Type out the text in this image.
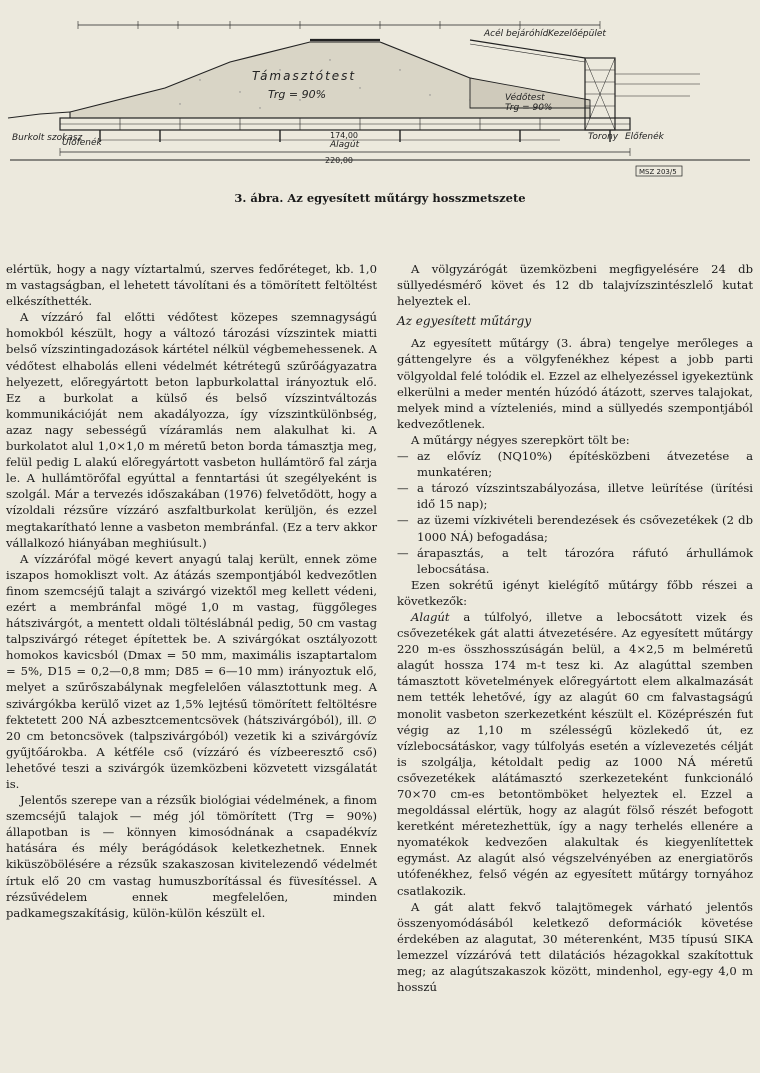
Támasztótest
Trg = 90%	Védőtest
Trg = 90%
Burkolt szokasz
Ulófenék	Alagút
Torony Előfenék
Acél bejáróhíd Kezelőépület
220,00
174,00
MSZ 203/5
3. ábra. Az egyesített műtárgy hosszmetszete

elértük, hogy a nagy víztartalmú, szerves fedőréteget, kb. 1,0 m vastagságban, el lehetett távolítani és a tömörített feltöltést elkészíthették.

A vízzáró fal előtti védőtest közepes szemnagyságú homokból készült, hogy a változó tározási vízszintek miatti belső vízszintingadozások kártétel nélkül végbemehessenek. A védőtest elhabolás elleni védelmét kétrétegű szűrőágyazatra helyezett, előregyártott beton lapburkolattal irányoztuk elő. Ez a burkolat a külső és belső vízszintváltozás kommunikációját nem akadályozza, így vízszintkülönbség, azaz nagy sebességű vízáramlás nem alakulhat ki. A burkolatot alul 1,0×1,0 m méretű beton borda támasztja meg, felül pedig L alakú előregyártott vasbeton hullámtörő fal zárja le. A hullámtörőfal egyúttal a fenntartási út szegélyeként is szolgál. Már a tervezés időszakában (1976) felvetődött, hogy a vízoldali rézsűre vízzáró aszfaltburkolat kerüljön, és ezzel megtakarítható lenne a vasbeton membránfal. (Ez a terv akkor vállalkozó hiányában meghiúsult.)

A vízzárófal mögé kevert anyagú talaj került, ennek zöme iszapos homokliszt volt. Az átázás szempontjából kedvezőtlen finom szemcséjű talajt a szivárgó vizektől meg kellett védeni, ezért a membránfal mögé 1,0 m vastag, függőleges hátszivárgót, a mentett oldali töltéslábnál pedig, 50 cm vastag talpszivárgó réteget építettek be. A szivárgókat osztályozott homokos kavicsból (Dmax = 50 mm, maximális iszaptartalom = 5%, D15 = 0,2—0,8 mm; D85 = 6—10 mm) irányoztuk elő, melyet a szűrőszabálynak megfelelően választottunk meg. A szivárgókba kerülő vizet az 1,5% lejtésű tömörített feltöltésre fektetett 200 NÁ azbesztcementcsövek (hátszivárgóból), ill. ∅ 20 cm betoncsövek (talpszivárgóból) vezetik ki a szivárgóvíz gyűjtőárokba. A kétféle cső (vízzáró és vízbeeresztő cső) lehetővé teszi a szivárgók üzemközbeni közvetett vizsgálatát is.

Jelentős szerepe van a rézsűk biológiai védelmének, a finom szemcséjű talajok — még jól tömörített (Trg = 90%) állapotban is — könnyen kimosódnának a csapadékvíz hatására és mély berágódások keletkezhetnek. Ennek kiküszöbölésére a rézsűk szakaszosan kivitelezendő védelmét írtuk elő 20 cm vastag humuszborítással és füvesítéssel. A rézsűvédelem ennek megfelelően, minden padkamegszakításig, külön-külön készült el.

A völgyzárógát üzemközbeni megfigyelésére 24 db süllyedésmérő követ és 12 db talajvízszintészlelő kutat helyeztek el.

Az egyesített műtárgy

Az egyesített műtárgy (3. ábra) tengelye merőleges a gáttengelyre és a völgyfenékhez képest a jobb parti völgyoldal felé tolódik el. Ezzel az elhelyezéssel igyekeztünk elkerülni a meder mentén húzódó átázott, szerves talajokat, melyek mind a vízteleniés, mind a süllyedés szempontjából kedvezőtlenek.

A műtárgy négyes szerepkört tölt be:

— az elővíz (NQ10%) építésközbeni átvezetése a munkatéren;
— a tározó vízszintszabályozása, illetve leürítése (ürítési idő 15 nap);
— az üzemi vízkivételi berendezések és csővezetékek (2 db 1000 NÁ) befogadása;
— árapasztás, a telt tározóra ráfutó árhullámok lebocsátása.

Ezen sokrétű igényt kielégítő műtárgy főbb részei a következők:

Alagút a túlfolyó, illetve a lebocsátott vizek és csővezetékek gát alatti átvezetésére. Az egyesített műtárgy 220 m-es összhosszúságán belül, a 4×2,5 m belméretű alagút hossza 174 m-t tesz ki. Az alagúttal szemben támasztott követelmények előregyártott elem alkalmazását nem tették lehetővé, így az alagút 60 cm falvastagságú monolit vasbeton szerkezetként készült el. Középrészén fut végig az 1,10 m szélességű közlekedő út, ez vízlebocsátáskor, vagy túlfolyás esetén a vízlevezetés célját is szolgálja, kétoldalt pedig az 1000 NÁ méretű csővezetékek alátámasztó szerkezeteként funkcionáló 70×70 cm-es betontömböket helyeztek el. Ezzel a megoldással elértük, hogy az alagút fölső részét befogott keretként méretezhettük, így a nagy terhelés ellenére a nyomatékok kedvezően alakultak és kiegyenlítettek egymást. Az alagút alsó végszelvényében az energiatörős utófenékhez, felső végén az egyesített műtárgy tornyához csatlakozik.

A gát alatt fekvő talajtömegek várható jelentős összenyomódásából keletkező deformációk követése érdekében az alagutat, 30 méterenként, M35 típusú SIKA lemezzel vízzáróvá tett dilatációs hézagokkal szakítottuk meg; az alagútszakaszok között, mindenhol, egy-egy 4,0 m hosszú
